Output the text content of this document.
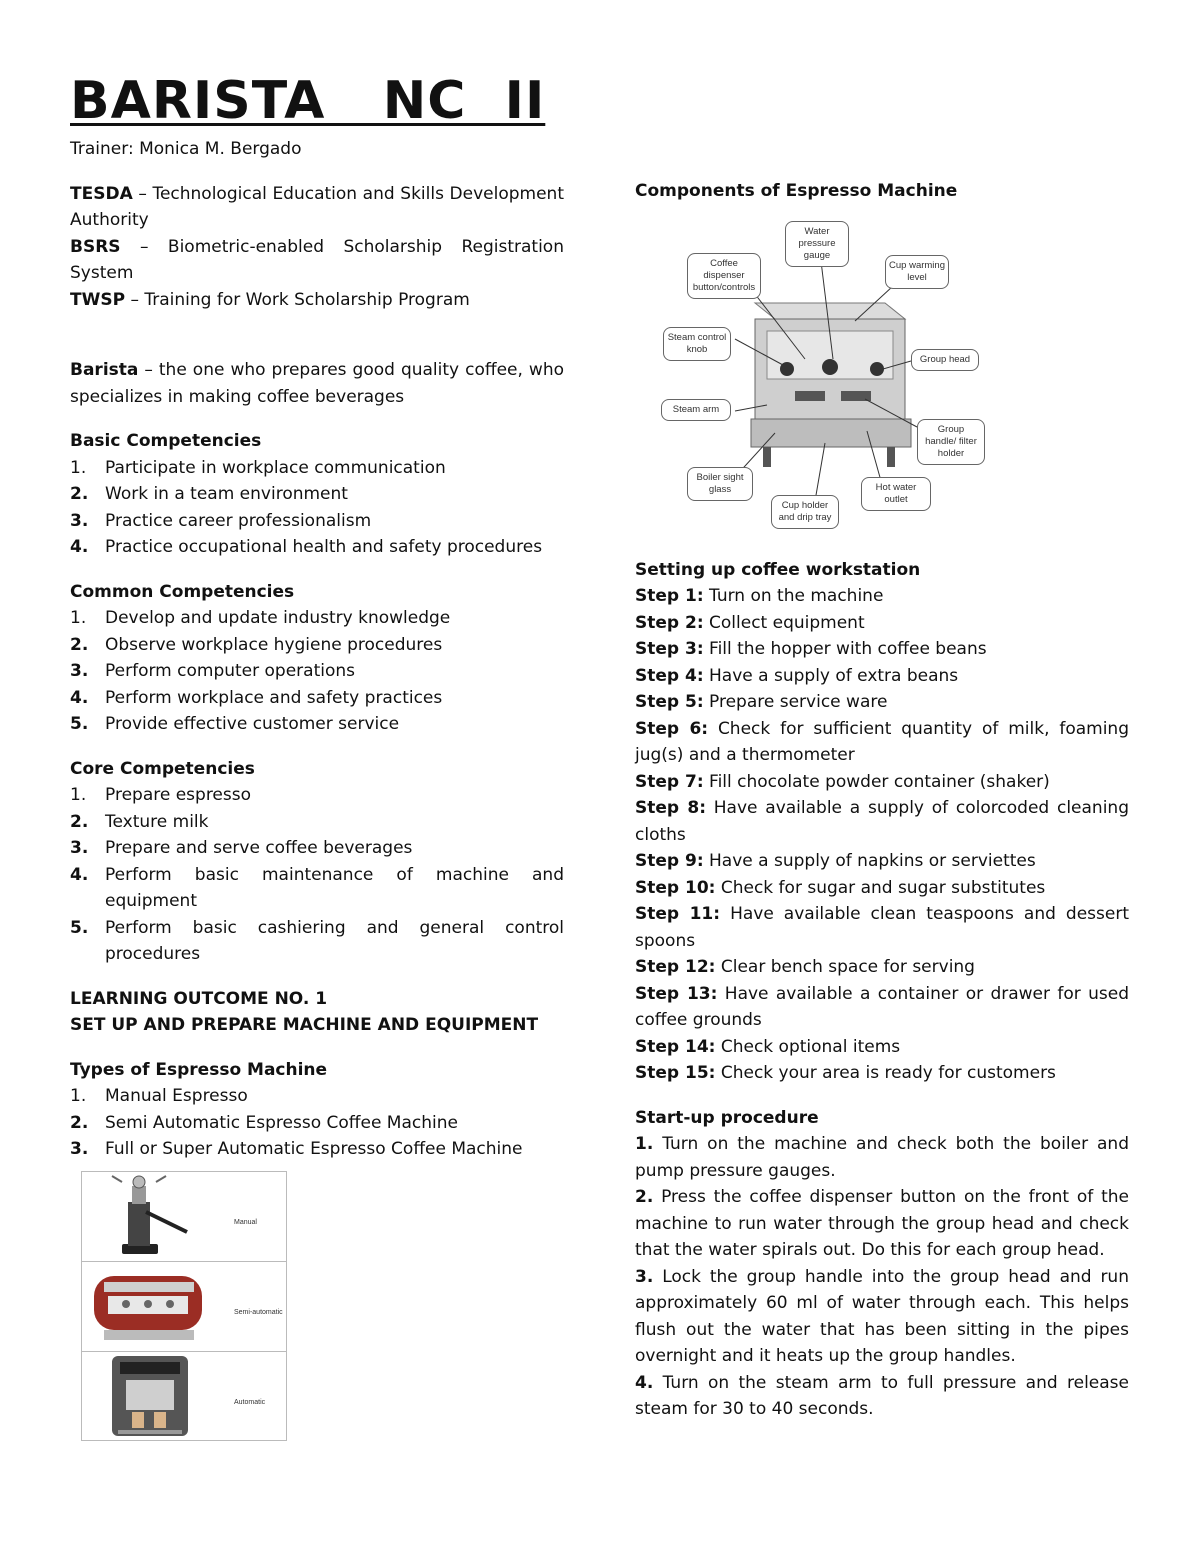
BARISTA   NC  II

Trainer: Monica M. Bergado

TESDA – Technological Education and Skills Development Authority

BSRS – Biometric-enabled Scholarship Registration System

TWSP – Training for Work Scholarship Program

Barista – the one who prepares good quality coffee, who specializes in making coffee beverages

Basic Competencies

1. Participate in workplace communication
2. Work in a team environment
3. Practice career professionalism
4. Practice occupational health and safety procedures

Common Competencies

1. Develop and update industry knowledge
2. Observe workplace hygiene procedures
3. Perform computer operations
4. Perform workplace and safety practices
5. Provide effective customer service

Core Competencies

1. Prepare espresso
2. Texture milk
3. Prepare and serve coffee beverages
4. Perform basic maintenance of machine and equipment
5. Perform basic cashiering and general control procedures

LEARNING OUTCOME NO. 1

SET UP AND PREPARE MACHINE AND EQUIPMENT

Types of Espresso Machine

1. Manual Espresso
2. Semi Automatic Espresso Coffee Machine
3. Full or Super Automatic Espresso Coffee Machine
Manual
Semi-automatic
Automatic

Components of Espresso Machine

Water pressure gauge
Coffee dispenser button/controls
Cup warming level
Steam control knob
Group head
Steam arm
Group handle/ filter holder
Boiler sight glass	Hot water outlet
Cup holder and drip tray

Setting up coffee workstation

Step 1: Turn on the machine

Step 2: Collect equipment

Step 3: Fill the hopper with coffee beans

Step 4: Have a supply of extra beans

Step 5: Prepare service ware

Step 6: Check for sufficient quantity of milk, foaming jug(s) and a thermometer

Step 7: Fill chocolate powder container (shaker)

Step 8: Have available a supply of colorcoded cleaning cloths

Step 9: Have a supply of napkins or serviettes

Step 10: Check for sugar and sugar substitutes

Step 11: Have available clean teaspoons and dessert spoons

Step 12: Clear bench space for serving

Step 13: Have available a container or drawer for used coffee grounds

Step 14: Check optional items

Step 15: Check your area is ready for customers

Start-up procedure

1. Turn on the machine and check both the boiler and pump pressure gauges.

2. Press the coffee dispenser button on the front of the machine to run water through the group head and check that the water spirals out. Do this for each group head.

3. Lock the group handle into the group head and run approximately 60 ml of water through each. This helps flush out the water that has been sitting in the pipes overnight and it heats up the group handles.

4. Turn on the steam arm to full pressure and release steam for 30 to 40 seconds.
